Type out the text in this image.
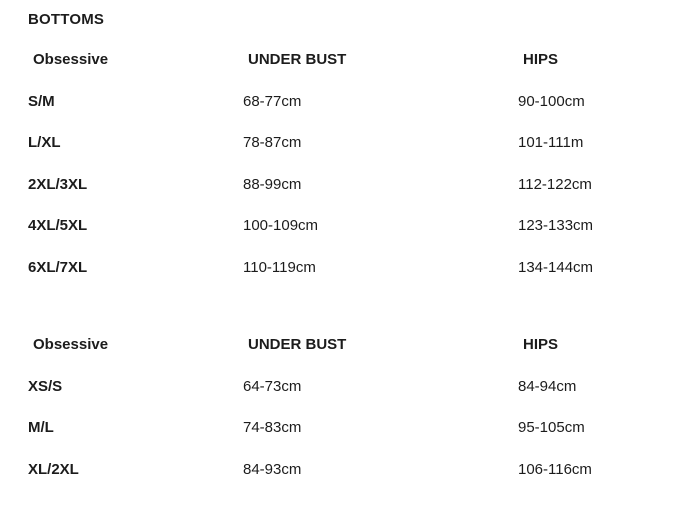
BOTTOMS
Obsessive	UNDER BUST	HIPS
S/M	68-77cm	90-100cm
L/XL	78-87cm	101-111m
2XL/3XL	88-99cm	112-122cm
4XL/5XL	100-109cm	123-133cm
6XL/7XL	110-119cm	134-144cm
Obsessive	UNDER BUST	HIPS
XS/S	64-73cm	84-94cm
M/L	74-83cm	95-105cm
XL/2XL	84-93cm	106-116cm
